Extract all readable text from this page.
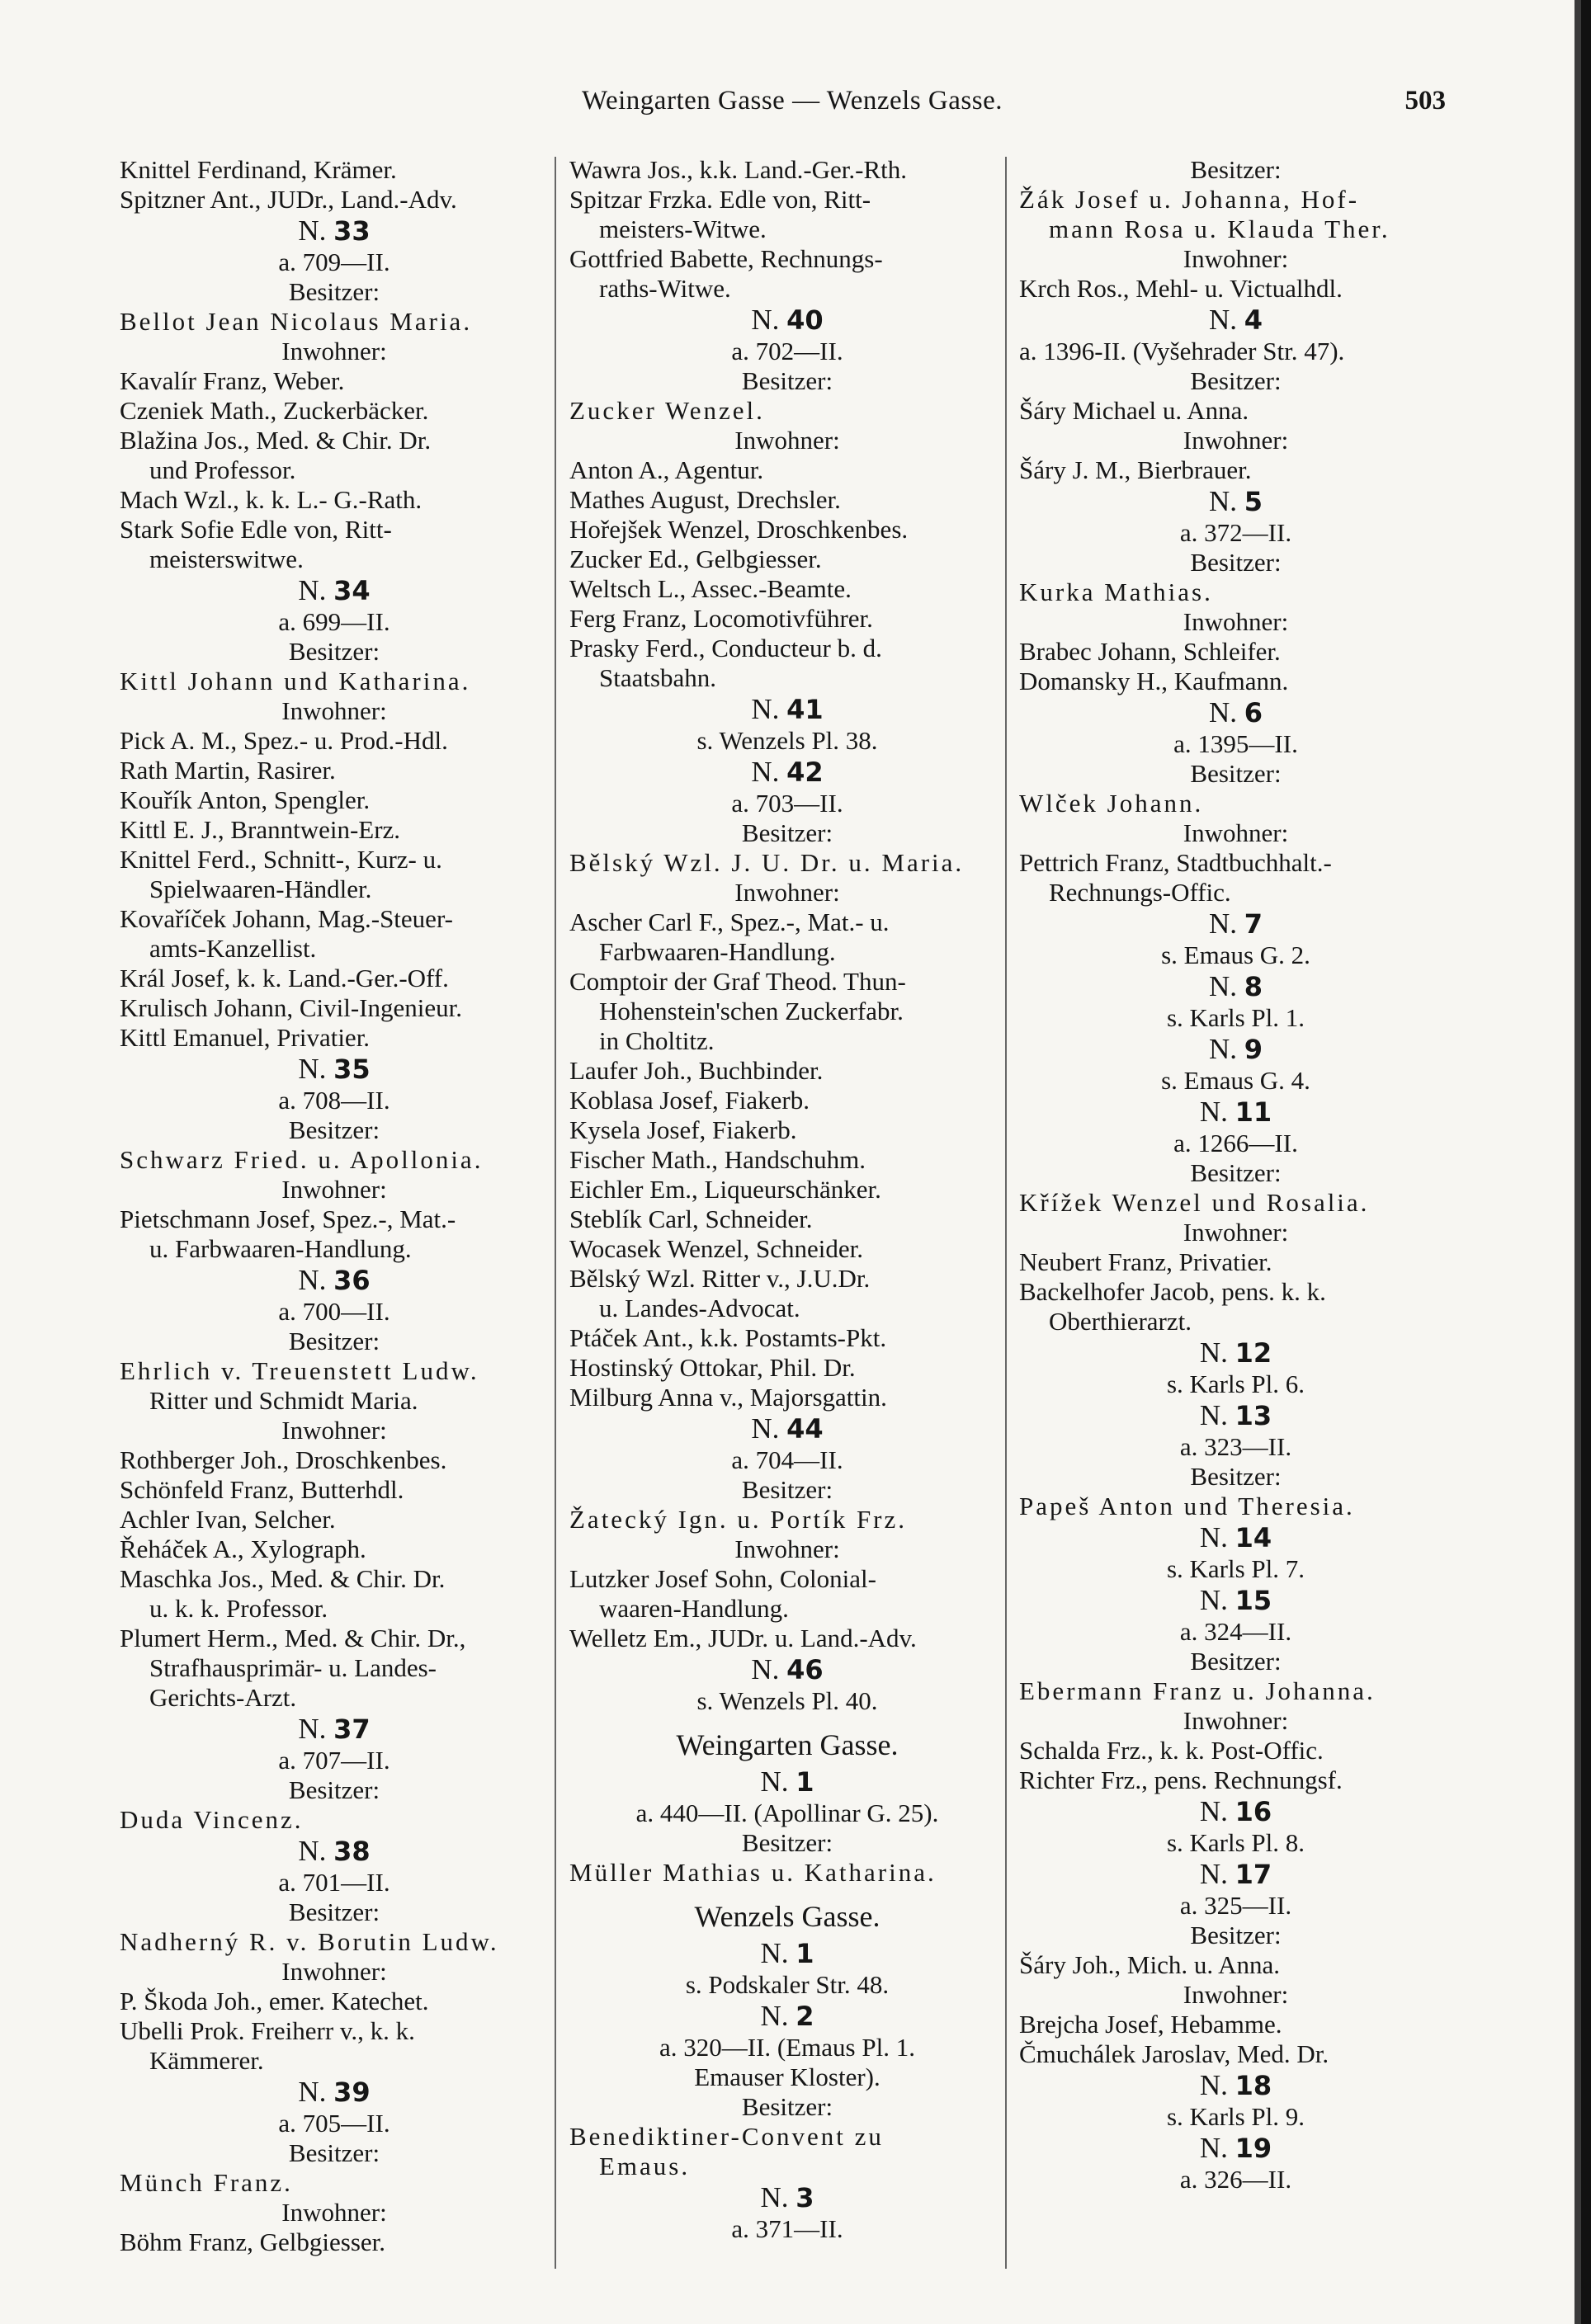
Weingarten Gasse — Wenzels Gasse.	503
Knittel Ferdinand, Krämer.
Spitzner Ant., JUDr., Land.-Adv.
N. 33
a. 709—II.
Besitzer:
Bellot Jean Nicolaus Maria.
Inwohner:
Kavalír Franz, Weber.
Czeniek Math., Zuckerbäcker.
Blažina Jos., Med. & Chir. Dr.
und Professor.
Mach Wzl., k. k. L.- G.-Rath.
Stark Sofie Edle von, Ritt-
meisterswitwe.
N. 34
a. 699—II.
Besitzer:
Kittl Johann und Katharina.
Inwohner:
Pick A. M., Spez.- u. Prod.-Hdl.
Rath Martin, Rasirer.
Kouřík Anton, Spengler.
Kittl E. J., Branntwein-Erz.
Knittel Ferd., Schnitt-, Kurz- u.
Spielwaaren-Händler.
Kovaříček Johann, Mag.-Steuer-
amts-Kanzellist.
Král Josef, k. k. Land.-Ger.-Off.
Krulisch Johann, Civil-Ingenieur.
Kittl Emanuel, Privatier.
N. 35
a. 708—II.
Besitzer:
Schwarz Fried. u. Apollonia.
Inwohner:
Pietschmann Josef, Spez.-, Mat.-
u. Farbwaaren-Handlung.
N. 36
a. 700—II.
Besitzer:
Ehrlich v. Treuenstett Ludw.
Ritter und Schmidt Maria.
Inwohner:
Rothberger Joh., Droschkenbes.
Schönfeld Franz, Butterhdl.
Achler Ivan, Selcher.
Řeháček A., Xylograph.
Maschka Jos., Med. & Chir. Dr.
u. k. k. Professor.
Plumert Herm., Med. & Chir. Dr.,
Strafhausprimär- u. Landes-
Gerichts-Arzt.
N. 37
a. 707—II.
Besitzer:
Duda Vincenz.
N. 38
a. 701—II.
Besitzer:
Nadherný R. v. Borutin Ludw.
Inwohner:
P. Škoda Joh., emer. Katechet.
Ubelli Prok. Freiherr v., k. k.
Kämmerer.
N. 39
a. 705—II.
Besitzer:
Münch Franz.
Inwohner:
Böhm Franz, Gelbgiesser.
Wawra Jos., k.k. Land.-Ger.-Rth.
Spitzar Frzka. Edle von, Ritt-
meisters-Witwe.
Gottfried Babette, Rechnungs-
raths-Witwe.
N. 40
a. 702—II.
Besitzer:
Zucker Wenzel.
Inwohner:
Anton A., Agentur.
Mathes August, Drechsler.
Hořejšek Wenzel, Droschkenbes.
Zucker Ed., Gelbgiesser.
Weltsch L., Assec.-Beamte.
Ferg Franz, Locomotivführer.
Prasky Ferd., Conducteur b. d.
Staatsbahn.
N. 41
s. Wenzels Pl. 38.
N. 42
a. 703—II.
Besitzer:
Bělský Wzl. J. U. Dr. u. Maria.
Inwohner:
Ascher Carl F., Spez.-, Mat.- u.
Farbwaaren-Handlung.
Comptoir der Graf Theod. Thun-
Hohenstein'schen Zuckerfabr.
in Choltitz.
Laufer Joh., Buchbinder.
Koblasa Josef, Fiakerb.
Kysela Josef, Fiakerb.
Fischer Math., Handschuhm.
Eichler Em., Liqueurschänker.
Steblík Carl, Schneider.
Wocasek Wenzel, Schneider.
Bělský Wzl. Ritter v., J.U.Dr.
u. Landes-Advocat.
Ptáček Ant., k.k. Postamts-Pkt.
Hostinský Ottokar, Phil. Dr.
Milburg Anna v., Majorsgattin.
N. 44
a. 704—II.
Besitzer:
Žatecký Ign. u. Portík Frz.
Inwohner:
Lutzker Josef Sohn, Colonial-
waaren-Handlung.
Welletz Em., JUDr. u. Land.-Adv.
N. 46
s. Wenzels Pl. 40.
Weingarten Gasse.
N. 1
a. 440—II. (Apollinar G. 25).
Besitzer:
Müller Mathias u. Katharina.
Wenzels Gasse.
N. 1
s. Podskaler Str. 48.
N. 2
a. 320—II. (Emaus Pl. 1.
Emauser Kloster).
Besitzer:
Benediktiner-Convent zu
Emaus.
N. 3
a. 371—II.
Besitzer:
Žák Josef u. Johanna, Hof-
mann Rosa u. Klauda Ther.
Inwohner:
Krch Ros., Mehl- u. Victualhdl.
N. 4
a. 1396-II. (Vyšehrader Str. 47).
Besitzer:
Šáry Michael u. Anna.
Inwohner:
Šáry J. M., Bierbrauer.
N. 5
a. 372—II.
Besitzer:
Kurka Mathias.
Inwohner:
Brabec Johann, Schleifer.
Domansky H., Kaufmann.
N. 6
a. 1395—II.
Besitzer:
Wlček Johann.
Inwohner:
Pettrich Franz, Stadtbuchhalt.-
Rechnungs-Offic.
N. 7
s. Emaus G. 2.
N. 8
s. Karls Pl. 1.
N. 9
s. Emaus G. 4.
N. 11
a. 1266—II.
Besitzer:
Křížek Wenzel und Rosalia.
Inwohner:
Neubert Franz, Privatier.
Backelhofer Jacob, pens. k. k.
Oberthierarzt.
N. 12
s. Karls Pl. 6.
N. 13
a. 323—II.
Besitzer:
Papeš Anton und Theresia.
N. 14
s. Karls Pl. 7.
N. 15
a. 324—II.
Besitzer:
Ebermann Franz u. Johanna.
Inwohner:
Schalda Frz., k. k. Post-Offic.
Richter Frz., pens. Rechnungsf.
N. 16
s. Karls Pl. 8.
N. 17
a. 325—II.
Besitzer:
Šáry Joh., Mich. u. Anna.
Inwohner:
Brejcha Josef, Hebamme.
Čmuchálek Jaroslav, Med. Dr.
N. 18
s. Karls Pl. 9.
N. 19
a. 326—II.
